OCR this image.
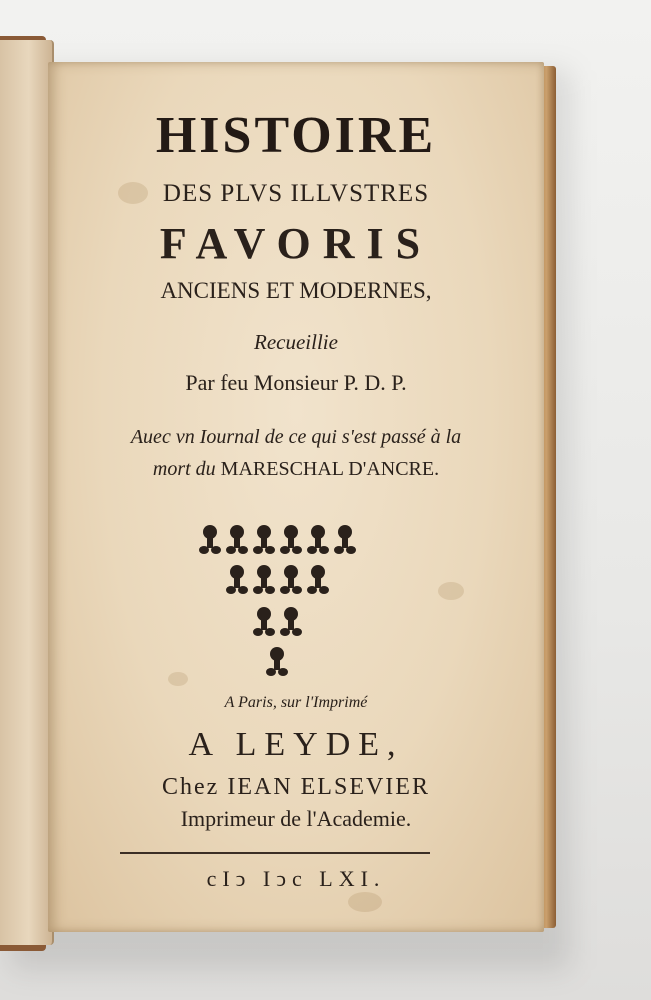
HISTOIRE
DES PLVS ILLVSTRES
FAVORIS
ANCIENS ET MODERNES,
Recueillie
Par feu Monsieur P. D. P.
Auec vn Iournal de ce qui s'est passé à la
mort du MARESCHAL D'ANCRE.
A Paris, sur l'Imprimé
A LEYDE,
Chez IEAN ELSEVIER
Imprimeur de l'Academie.
cIↄ Iↄc LXI.
